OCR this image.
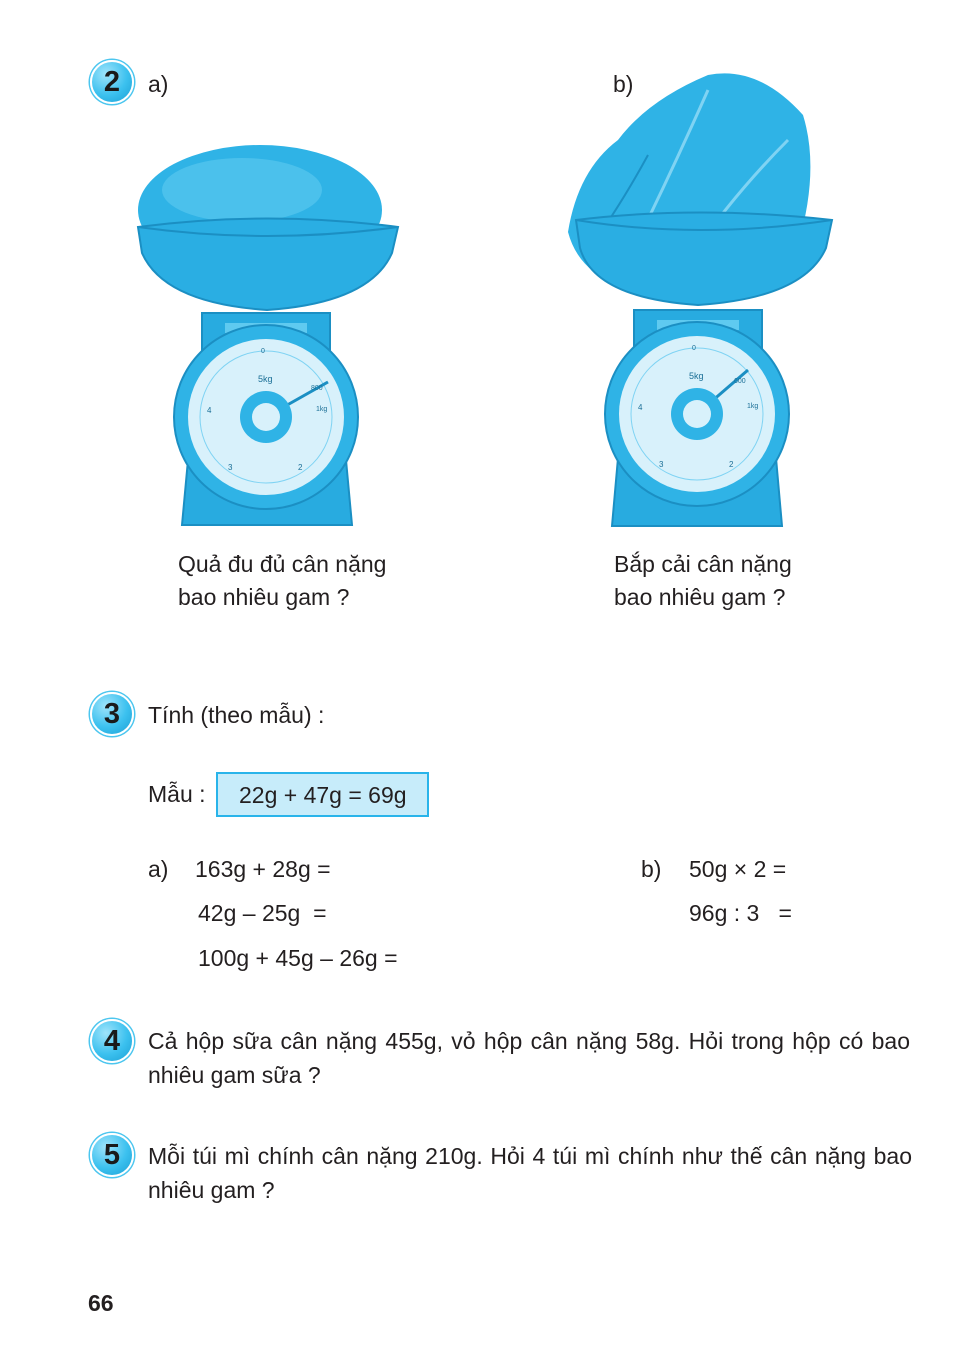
2	a)	b)
5kg
0
800
1kg
4
3	2
5kg
0
600
1kg
4
3	2
Quả đu đủ cân nặng
bao nhiêu gam ?
Bắp cải cân nặng
bao nhiêu gam ?
3	Tính (theo mẫu) :
Mẫu : 22g + 47g = 69g
a) 163g + 28g =
42g – 25g  =
100g + 45g – 26g =
b) 50g × 2 =
96g : 3   =
4	Cả hộp sữa cân nặng 455g, vỏ hộp cân nặng 58g. Hỏi trong hộp có bao nhiêu gam sữa ?
5	Mỗi túi mì chính cân nặng 210g. Hỏi 4 túi mì chính như thế cân nặng bao nhiêu gam ?
66
